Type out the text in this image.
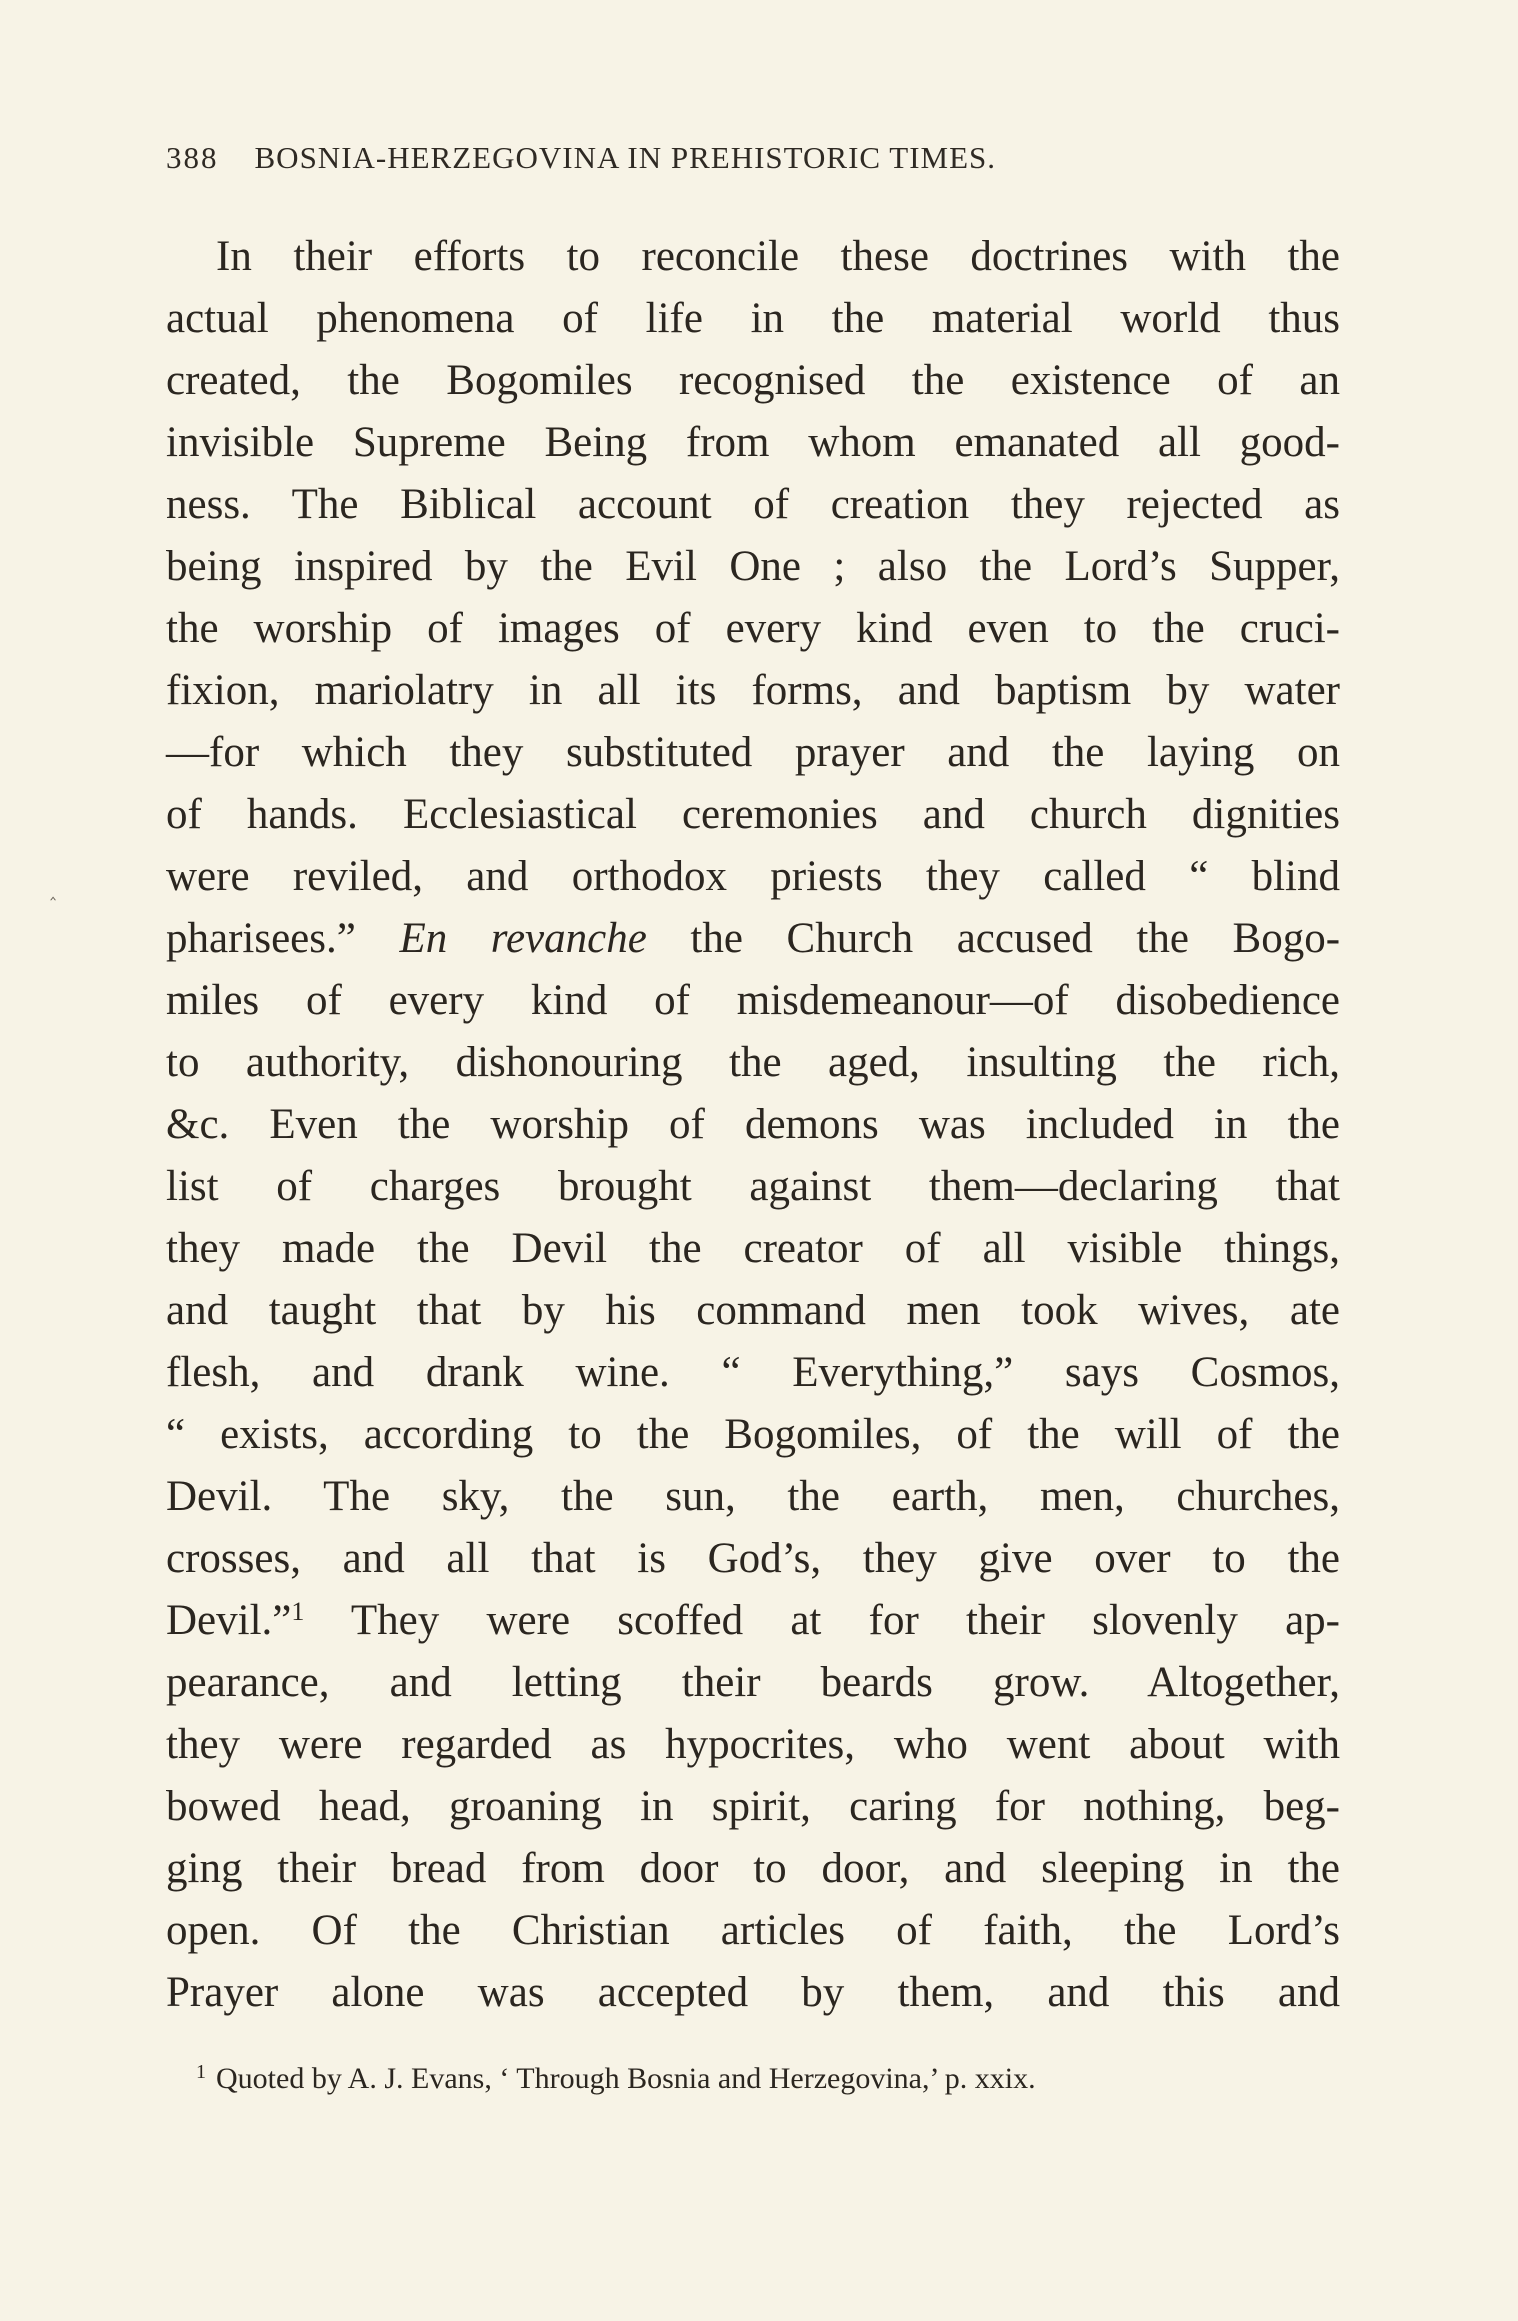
388 BOSNIA-HERZEGOVINA IN PREHISTORIC TIMES.
‸
In their efforts to reconcile these doctrines with the
actual phenomena of life in the material world thus
created, the Bogomiles recognised the existence of an
invisible Supreme Being from whom emanated all good-
ness. The Biblical account of creation they rejected as
being inspired by the Evil One ; also the Lord’s Supper,
the worship of images of every kind even to the cruci-
fixion, mariolatry in all its forms, and baptism by water
—for which they substituted prayer and the laying on
of hands. Ecclesiastical ceremonies and church dignities
were reviled, and orthodox priests they called “ blind
pharisees.” En revanche the Church accused the Bogo-
miles of every kind of misdemeanour—of disobedience
to authority, dishonouring the aged, insulting the rich,
&c. Even the worship of demons was included in the
list of charges brought against them—declaring that
they made the Devil the creator of all visible things,
and taught that by his command men took wives, ate
flesh, and drank wine. “ Everything,” says Cosmos,
“ exists, according to the Bogomiles, of the will of the
Devil. The sky, the sun, the earth, men, churches,
crosses, and all that is God’s, they give over to the
Devil.”$^1$ They were scoffed at for their slovenly ap-
pearance, and letting their beards grow. Altogether,
they were regarded as hypocrites, who went about with
bowed head, groaning in spirit, caring for nothing, beg-
ging their bread from door to door, and sleeping in the
open. Of the Christian articles of faith, the Lord’s
Prayer alone was accepted by them, and this and
$^1$ Quoted by A. J. Evans, ‘ Through Bosnia and Herzegovina,’ p. xxix.
